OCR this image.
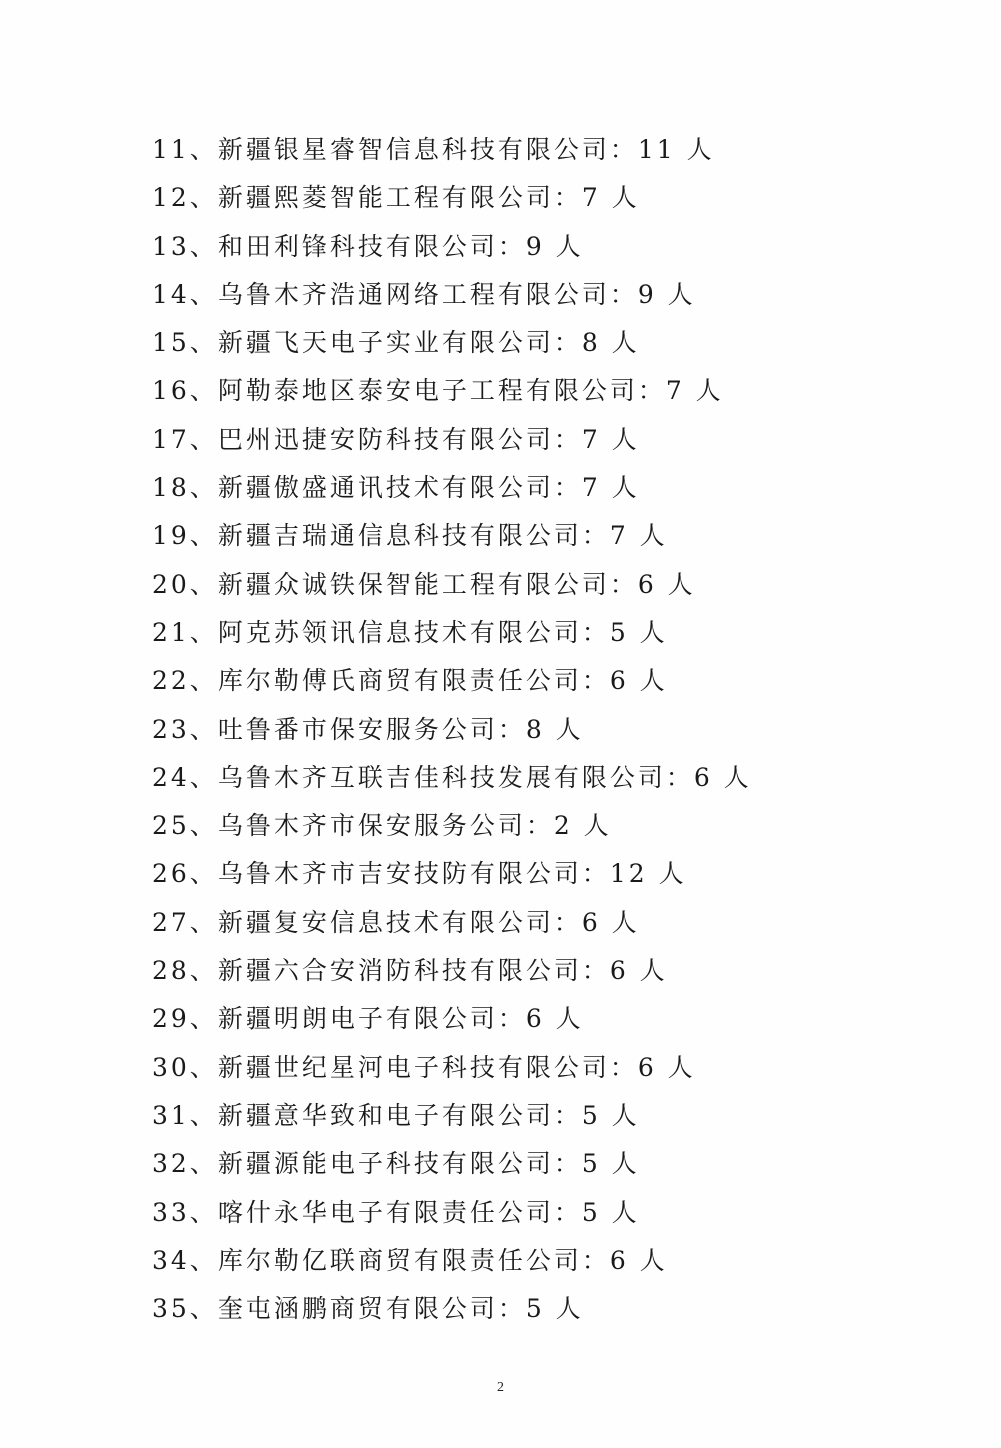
11、新疆银星睿智信息科技有限公司：11 人
12、新疆熙菱智能工程有限公司：7 人
13、和田利锋科技有限公司：9 人
14、乌鲁木齐浩通网络工程有限公司：9 人
15、新疆飞天电子实业有限公司：8 人
16、阿勒泰地区泰安电子工程有限公司：7 人
17、巴州迅捷安防科技有限公司：7 人
18、新疆傲盛通讯技术有限公司：7 人
19、新疆吉瑞通信息科技有限公司：7 人
20、新疆众诚铁保智能工程有限公司：6 人
21、阿克苏领讯信息技术有限公司：5 人
22、库尔勒傅氏商贸有限责任公司：6 人
23、吐鲁番市保安服务公司：8 人
24、乌鲁木齐互联吉佳科技发展有限公司：6 人
25、乌鲁木齐市保安服务公司：2 人
26、乌鲁木齐市吉安技防有限公司：12 人
27、新疆复安信息技术有限公司：6 人
28、新疆六合安消防科技有限公司：6 人
29、新疆明朗电子有限公司：6 人
30、新疆世纪星河电子科技有限公司：6 人
31、新疆意华致和电子有限公司：5 人
32、新疆源能电子科技有限公司：5 人
33、喀什永华电子有限责任公司：5 人
34、库尔勒亿联商贸有限责任公司：6 人
35、奎屯涵鹏商贸有限公司：5 人
2
